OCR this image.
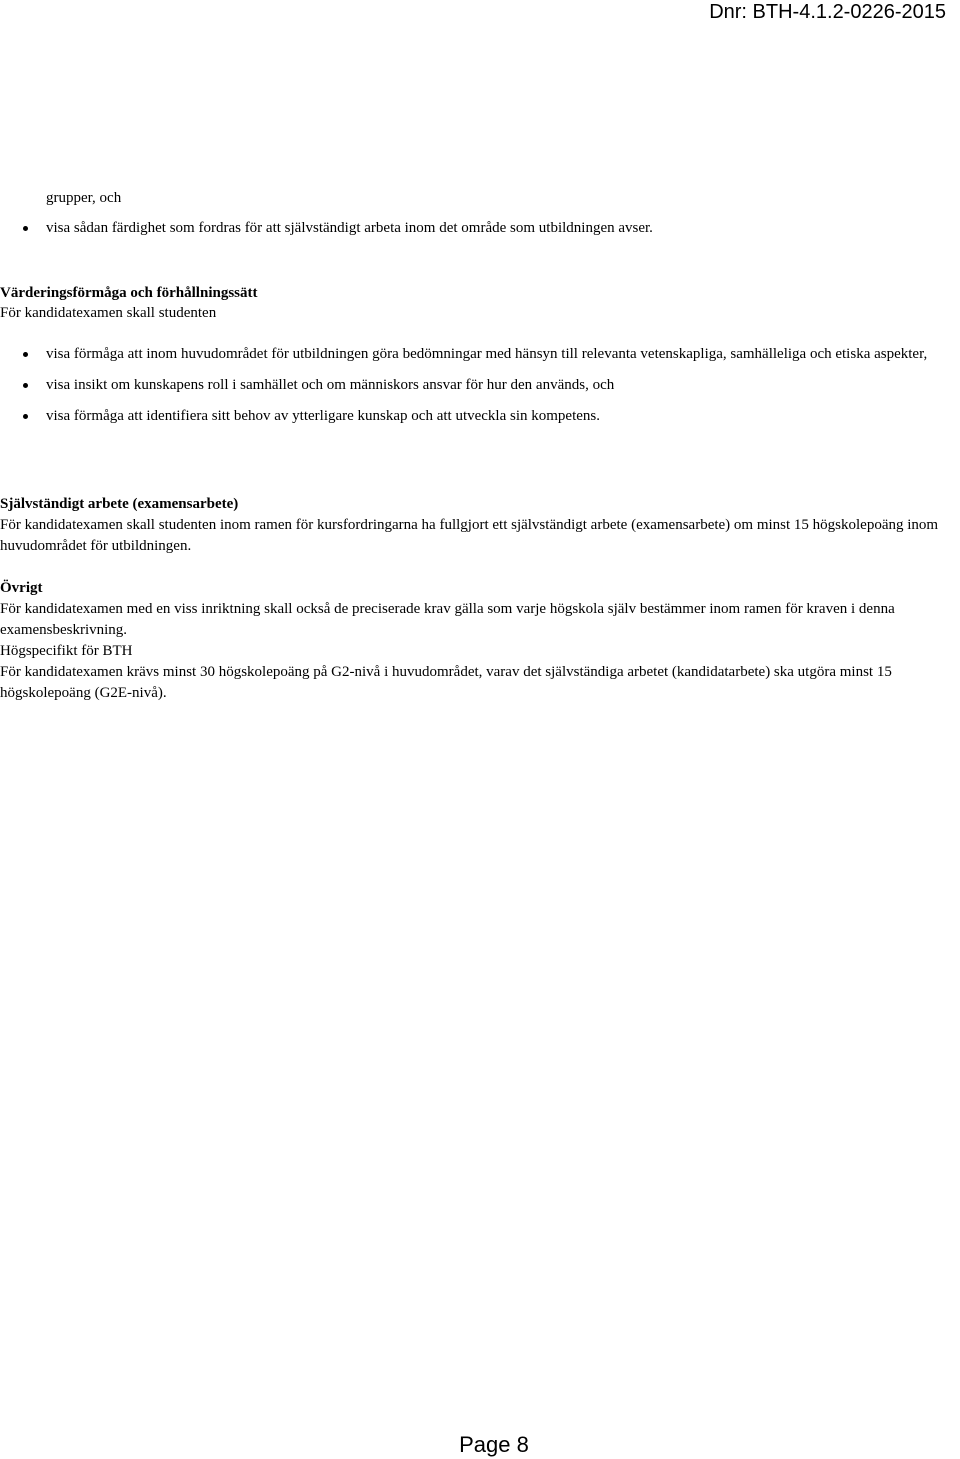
Dnr: BTH-4.1.2-0226-2015
grupper, och
visa sådan färdighet som fordras för att självständigt arbeta inom det område som utbildningen avser.
Värderingsförmåga och förhållningssätt
För kandidatexamen skall studenten
visa förmåga att inom huvudområdet för utbildningen göra bedömningar med hänsyn till relevanta vetenskapliga, samhälleliga och etiska aspekter,
visa insikt om kunskapens roll i samhället och om människors ansvar för hur den används, och
visa förmåga att identifiera sitt behov av ytterligare kunskap och att utveckla sin kompetens.
Självständigt arbete (examensarbete)
För kandidatexamen skall studenten inom ramen för kursfordringarna ha fullgjort ett självständigt arbete (examensarbete) om minst 15 högskolepoäng inom huvudområdet för utbildningen.
Övrigt
För kandidatexamen med en viss inriktning skall också de preciserade krav gälla som varje högskola själv bestämmer inom ramen för kraven i denna examensbeskrivning.
Högspecifikt för BTH
För kandidatexamen krävs minst 30 högskolepoäng på G2-nivå i huvudområdet, varav det självständiga arbetet (kandidatarbete) ska utgöra minst 15 högskolepoäng (G2E-nivå).
Page 8
